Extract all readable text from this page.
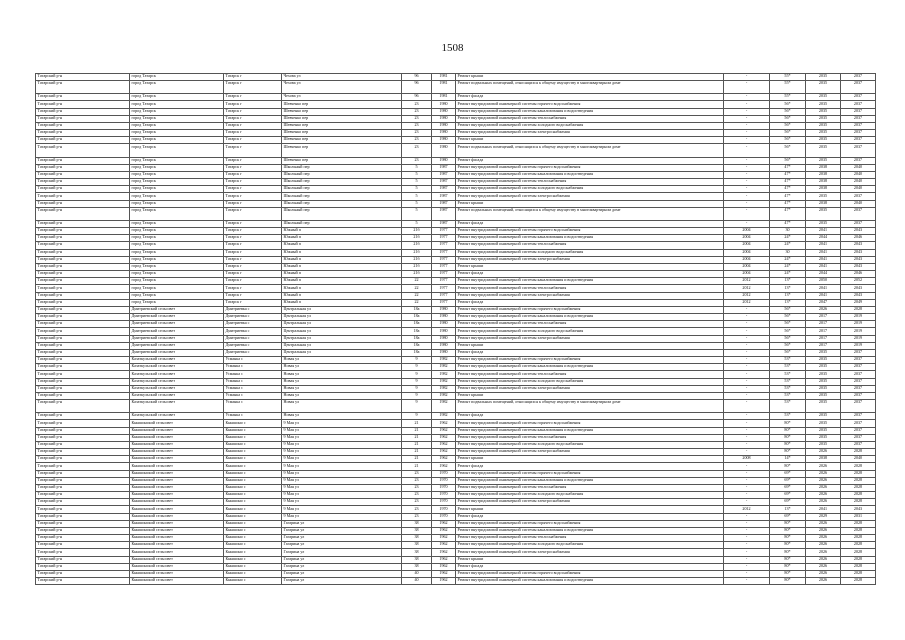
1508
Татарский р-н	город Татарск	Татарск г	Чехова ул	96	1981	Ремонт крыши	-	55*	2035	2037
Татарский р-н	город Татарск	Татарск г	Чехова ул	96	1981	Ремонт подвальных помещений, относящихся к общему имуществу в многоквартирном доме	-	55*	2035	2037
Татарский р-н	город Татарск	Татарск г	Чехова ул	96	1981	Ремонт фасада	-	55*	2035	2037
Татарский р-н	город Татарск	Татарск г	Шевченко пер	23	1980	Ремонт внутридомовой инженерной системы горячего водоснабжения	-	56*	2035	2037
Татарский р-н	город Татарск	Татарск г	Шевченко пер	23	1980	Ремонт внутридомовой инженерной системы канализования и водоотведения	-	56*	2035	2037
Татарский р-н	город Татарск	Татарск г	Шевченко пер	23	1980	Ремонт внутридомовой инженерной системы теплоснабжения	-	56*	2035	2037
Татарский р-н	город Татарск	Татарск г	Шевченко пер	23	1980	Ремонт внутридомовой инженерной системы холодного водоснабжения	-	56*	2035	2037
Татарский р-н	город Татарск	Татарск г	Шевченко пер	23	1980	Ремонт внутридомовой инженерной системы электроснабжения	-	56*	2035	2037
Татарский р-н	город Татарск	Татарск г	Шевченко пер	23	1980	Ремонт крыши	-	56*	2035	2037
Татарский р-н	город Татарск	Татарск г	Шевченко пер	23	1980	Ремонт подвальных помещений, относящихся к общему имуществу в многоквартирном доме	-	56*	2035	2037
Татарский р-н	город Татарск	Татарск г	Шевченко пер	23	1980	Ремонт фасада	-	56*	2035	2037
Татарский р-н	город Татарск	Татарск г	Школьный пер	5	1987	Ремонт внутридомовой инженерной системы горячего водоснабжения	-	47*	2038	2040
Татарский р-н	город Татарск	Татарск г	Школьный пер	5	1987	Ремонт внутридомовой инженерной системы канализования и водоотведения	-	47*	2038	2040
Татарский р-н	город Татарск	Татарск г	Школьный пер	5	1987	Ремонт внутридомовой инженерной системы теплоснабжения	-	47*	2038	2040
Татарский р-н	город Татарск	Татарск г	Школьный пер	5	1987	Ремонт внутридомовой инженерной системы холодного водоснабжения	-	47*	2038	2040
Татарский р-н	город Татарск	Татарск г	Школьный пер	5	1987	Ремонт внутридомовой инженерной системы электроснабжения	-	47*	2035	2037
Татарский р-н	город Татарск	Татарск г	Школьный пер	5	1987	Ремонт крыши	-	47*	2038	2040
Татарский р-н	город Татарск	Татарск г	Школьный пер	5	1987	Ремонт подвальных помещений, относящихся к общему имуществу в многоквартирном доме	-	47*	2035	2037
Татарский р-н	город Татарск	Татарск г	Школьный пер	5	1987	Ремонт фасада	-	47*	2035	2037
Татарский р-н	город Татарск	Татарск г	Южный п	21б	1977	Ремонт внутридомовой инженерной системы горячего водоснабжения	2004	30	2041	2043
Татарский р-н	город Татарск	Татарск г	Южный п	21б	1977	Ремонт внутридомовой инженерной системы канализования и водоотведения	2004	24*	2044	2046
Татарский р-н	город Татарск	Татарск г	Южный п	21б	1977	Ремонт внутридомовой инженерной системы теплоснабжения	2004	24*	2041	2043
Татарский р-н	город Татарск	Татарск г	Южный п	21б	1977	Ремонт внутридомовой инженерной системы холодного водоснабжения	2004	30	2041	2043
Татарский р-н	город Татарск	Татарск г	Южный п	21б	1977	Ремонт внутридомовой инженерной системы электроснабжения	2004	24*	2041	2043
Татарский р-н	город Татарск	Татарск г	Южный п	21б	1977	Ремонт крыши	2004	24*	2041	2043
Татарский р-н	город Татарск	Татарск г	Южный п	21б	1977	Ремонт фасада	2004	24*	2044	2046
Татарский р-н	город Татарск	Татарск г	Южный п	22	1977	Ремонт внутридомовой инженерной системы канализования и водоотведения	2012	13*	2050	2052
Татарский р-н	город Татарск	Татарск г	Южный п	22	1977	Ремонт внутридомовой инженерной системы теплоснабжения	2012	13*	2041	2043
Татарский р-н	город Татарск	Татарск г	Южный п	22	1977	Ремонт внутридомовой инженерной системы электроснабжения	2012	13*	2041	2043
Татарский р-н	город Татарск	Татарск г	Южный п	22	1977	Ремонт фасада	2012	13*	2047	2049
Татарский р-н	Дмитриевский сельсовет	Дмитриевка с	Центральная ул	18а	1980	Ремонт внутридомовой инженерной системы горячего водоснабжения	-	56*	2026	2028
Татарский р-н	Дмитриевский сельсовет	Дмитриевка с	Центральная ул	18а	1980	Ремонт внутридомовой инженерной системы канализования и водоотведения	-	56*	2017	2019
Татарский р-н	Дмитриевский сельсовет	Дмитриевка с	Центральная ул	18а	1980	Ремонт внутридомовой инженерной системы теплоснабжения	-	56*	2017	2019
Татарский р-н	Дмитриевский сельсовет	Дмитриевка с	Центральная ул	18а	1980	Ремонт внутридомовой инженерной системы холодного водоснабжения	-	56*	2017	2019
Татарский р-н	Дмитриевский сельсовет	Дмитриевка с	Центральная ул	18а	1980	Ремонт внутридомовой инженерной системы электроснабжения	-	56*	2017	2019
Татарский р-н	Дмитриевский сельсовет	Дмитриевка с	Центральная ул	18а	1980	Ремонт крыши	-	56*	2017	2019
Татарский р-н	Дмитриевский сельсовет	Дмитриевка с	Центральная ул	18а	1980	Ремонт фасада	-	56*	2035	2037
Татарский р-н	Казаткульский сельсовет	Усманка с	Новая ул	9	1982	Ремонт внутридомовой инженерной системы горячего водоснабжения	-	53*	2035	2037
Татарский р-н	Казаткульский сельсовет	Усманка с	Новая ул	9	1982	Ремонт внутридомовой инженерной системы канализования и водоотведения	-	53*	2035	2037
Татарский р-н	Казаткульский сельсовет	Усманка с	Новая ул	9	1982	Ремонт внутридомовой инженерной системы теплоснабжения	-	53*	2035	2037
Татарский р-н	Казаткульский сельсовет	Усманка с	Новая ул	9	1982	Ремонт внутридомовой инженерной системы холодного водоснабжения	-	53*	2035	2037
Татарский р-н	Казаткульский сельсовет	Усманка с	Новая ул	9	1982	Ремонт внутридомовой инженерной системы электроснабжения	-	53*	2035	2037
Татарский р-н	Казаткульский сельсовет	Усманка с	Новая ул	9	1982	Ремонт крыши	-	53*	2035	2037
Татарский р-н	Казаткульский сельсовет	Усманка с	Новая ул	9	1982	Ремонт подвальных помещений, относящихся к общему имуществу в многоквартирном доме	-	53*	2035	2037
Татарский р-н	Казаткульский сельсовет	Усманка с	Новая ул	9	1982	Ремонт фасада	-	53*	2035	2037
Татарский р-н	Кнышинский сельсовет	Кнышино с	9 Мая ул	21	1962	Ремонт внутридомовой инженерной системы горячего водоснабжения	-	80*	2035	2037
Татарский р-н	Кнышинский сельсовет	Кнышино с	9 Мая ул	21	1962	Ремонт внутридомовой инженерной системы канализования и водоотведения	-	80*	2035	2037
Татарский р-н	Кнышинский сельсовет	Кнышино с	9 Мая ул	21	1962	Ремонт внутридомовой инженерной системы теплоснабжения	-	80*	2035	2037
Татарский р-н	Кнышинский сельсовет	Кнышино с	9 Мая ул	21	1962	Ремонт внутридомовой инженерной системы холодного водоснабжения	-	80*	2035	2037
Татарский р-н	Кнышинский сельсовет	Кнышино с	9 Мая ул	21	1962	Ремонт внутридомовой инженерной системы электроснабжения	-	80*	2026	2028
Татарский р-н	Кнышинский сельсовет	Кнышино с	9 Мая ул	21	1962	Ремонт крыши	2008	14*	2038	2040
Татарский р-н	Кнышинский сельсовет	Кнышино с	9 Мая ул	21	1962	Ремонт фасада	-	80*	2026	2028
Татарский р-н	Кнышинский сельсовет	Кнышино с	9 Мая ул	23	1970	Ремонт внутридомовой инженерной системы горячего водоснабжения	-	69*	2026	2028
Татарский р-н	Кнышинский сельсовет	Кнышино с	9 Мая ул	23	1970	Ремонт внутридомовой инженерной системы канализования и водоотведения	-	69*	2026	2028
Татарский р-н	Кнышинский сельсовет	Кнышино с	9 Мая ул	23	1970	Ремонт внутридомовой инженерной системы теплоснабжения	-	69*	2026	2028
Татарский р-н	Кнышинский сельсовет	Кнышино с	9 Мая ул	23	1970	Ремонт внутридомовой инженерной системы холодного водоснабжения	-	69*	2026	2028
Татарский р-н	Кнышинский сельсовет	Кнышино с	9 Мая ул	23	1970	Ремонт внутридомовой инженерной системы электроснабжения	-	69*	2026	2028
Татарский р-н	Кнышинский сельсовет	Кнышино с	9 Мая ул	23	1970	Ремонт крыши	2012	13*	2041	2043
Татарский р-н	Кнышинский сельсовет	Кнышино с	9 Мая ул	23	1970	Ремонт фасада	-	69*	2029	2031
Татарский р-н	Кнышинский сельсовет	Кнышино с	Гагарина ул	38	1962	Ремонт внутридомовой инженерной системы горячего водоснабжения	-	80*	2026	2028
Татарский р-н	Кнышинский сельсовет	Кнышино с	Гагарина ул	38	1962	Ремонт внутридомовой инженерной системы канализования и водоотведения	-	80*	2026	2028
Татарский р-н	Кнышинский сельсовет	Кнышино с	Гагарина ул	38	1962	Ремонт внутридомовой инженерной системы теплоснабжения	-	80*	2026	2028
Татарский р-н	Кнышинский сельсовет	Кнышино с	Гагарина ул	38	1962	Ремонт внутридомовой инженерной системы холодного водоснабжения	-	80*	2026	2028
Татарский р-н	Кнышинский сельсовет	Кнышино с	Гагарина ул	38	1962	Ремонт внутридомовой инженерной системы электроснабжения	-	80*	2026	2028
Татарский р-н	Кнышинский сельсовет	Кнышино с	Гагарина ул	38	1962	Ремонт крыши	-	80*	2026	2028
Татарский р-н	Кнышинский сельсовет	Кнышино с	Гагарина ул	38	1962	Ремонт фасада	-	80*	2026	2028
Татарский р-н	Кнышинский сельсовет	Кнышино с	Гагарина ул	40	1962	Ремонт внутридомовой инженерной системы горячего водоснабжения	-	80*	2026	2028
Татарский р-н	Кнышинский сельсовет	Кнышино с	Гагарина ул	40	1962	Ремонт внутридомовой инженерной системы канализования и водоотведения	-	80*	2026	2028
